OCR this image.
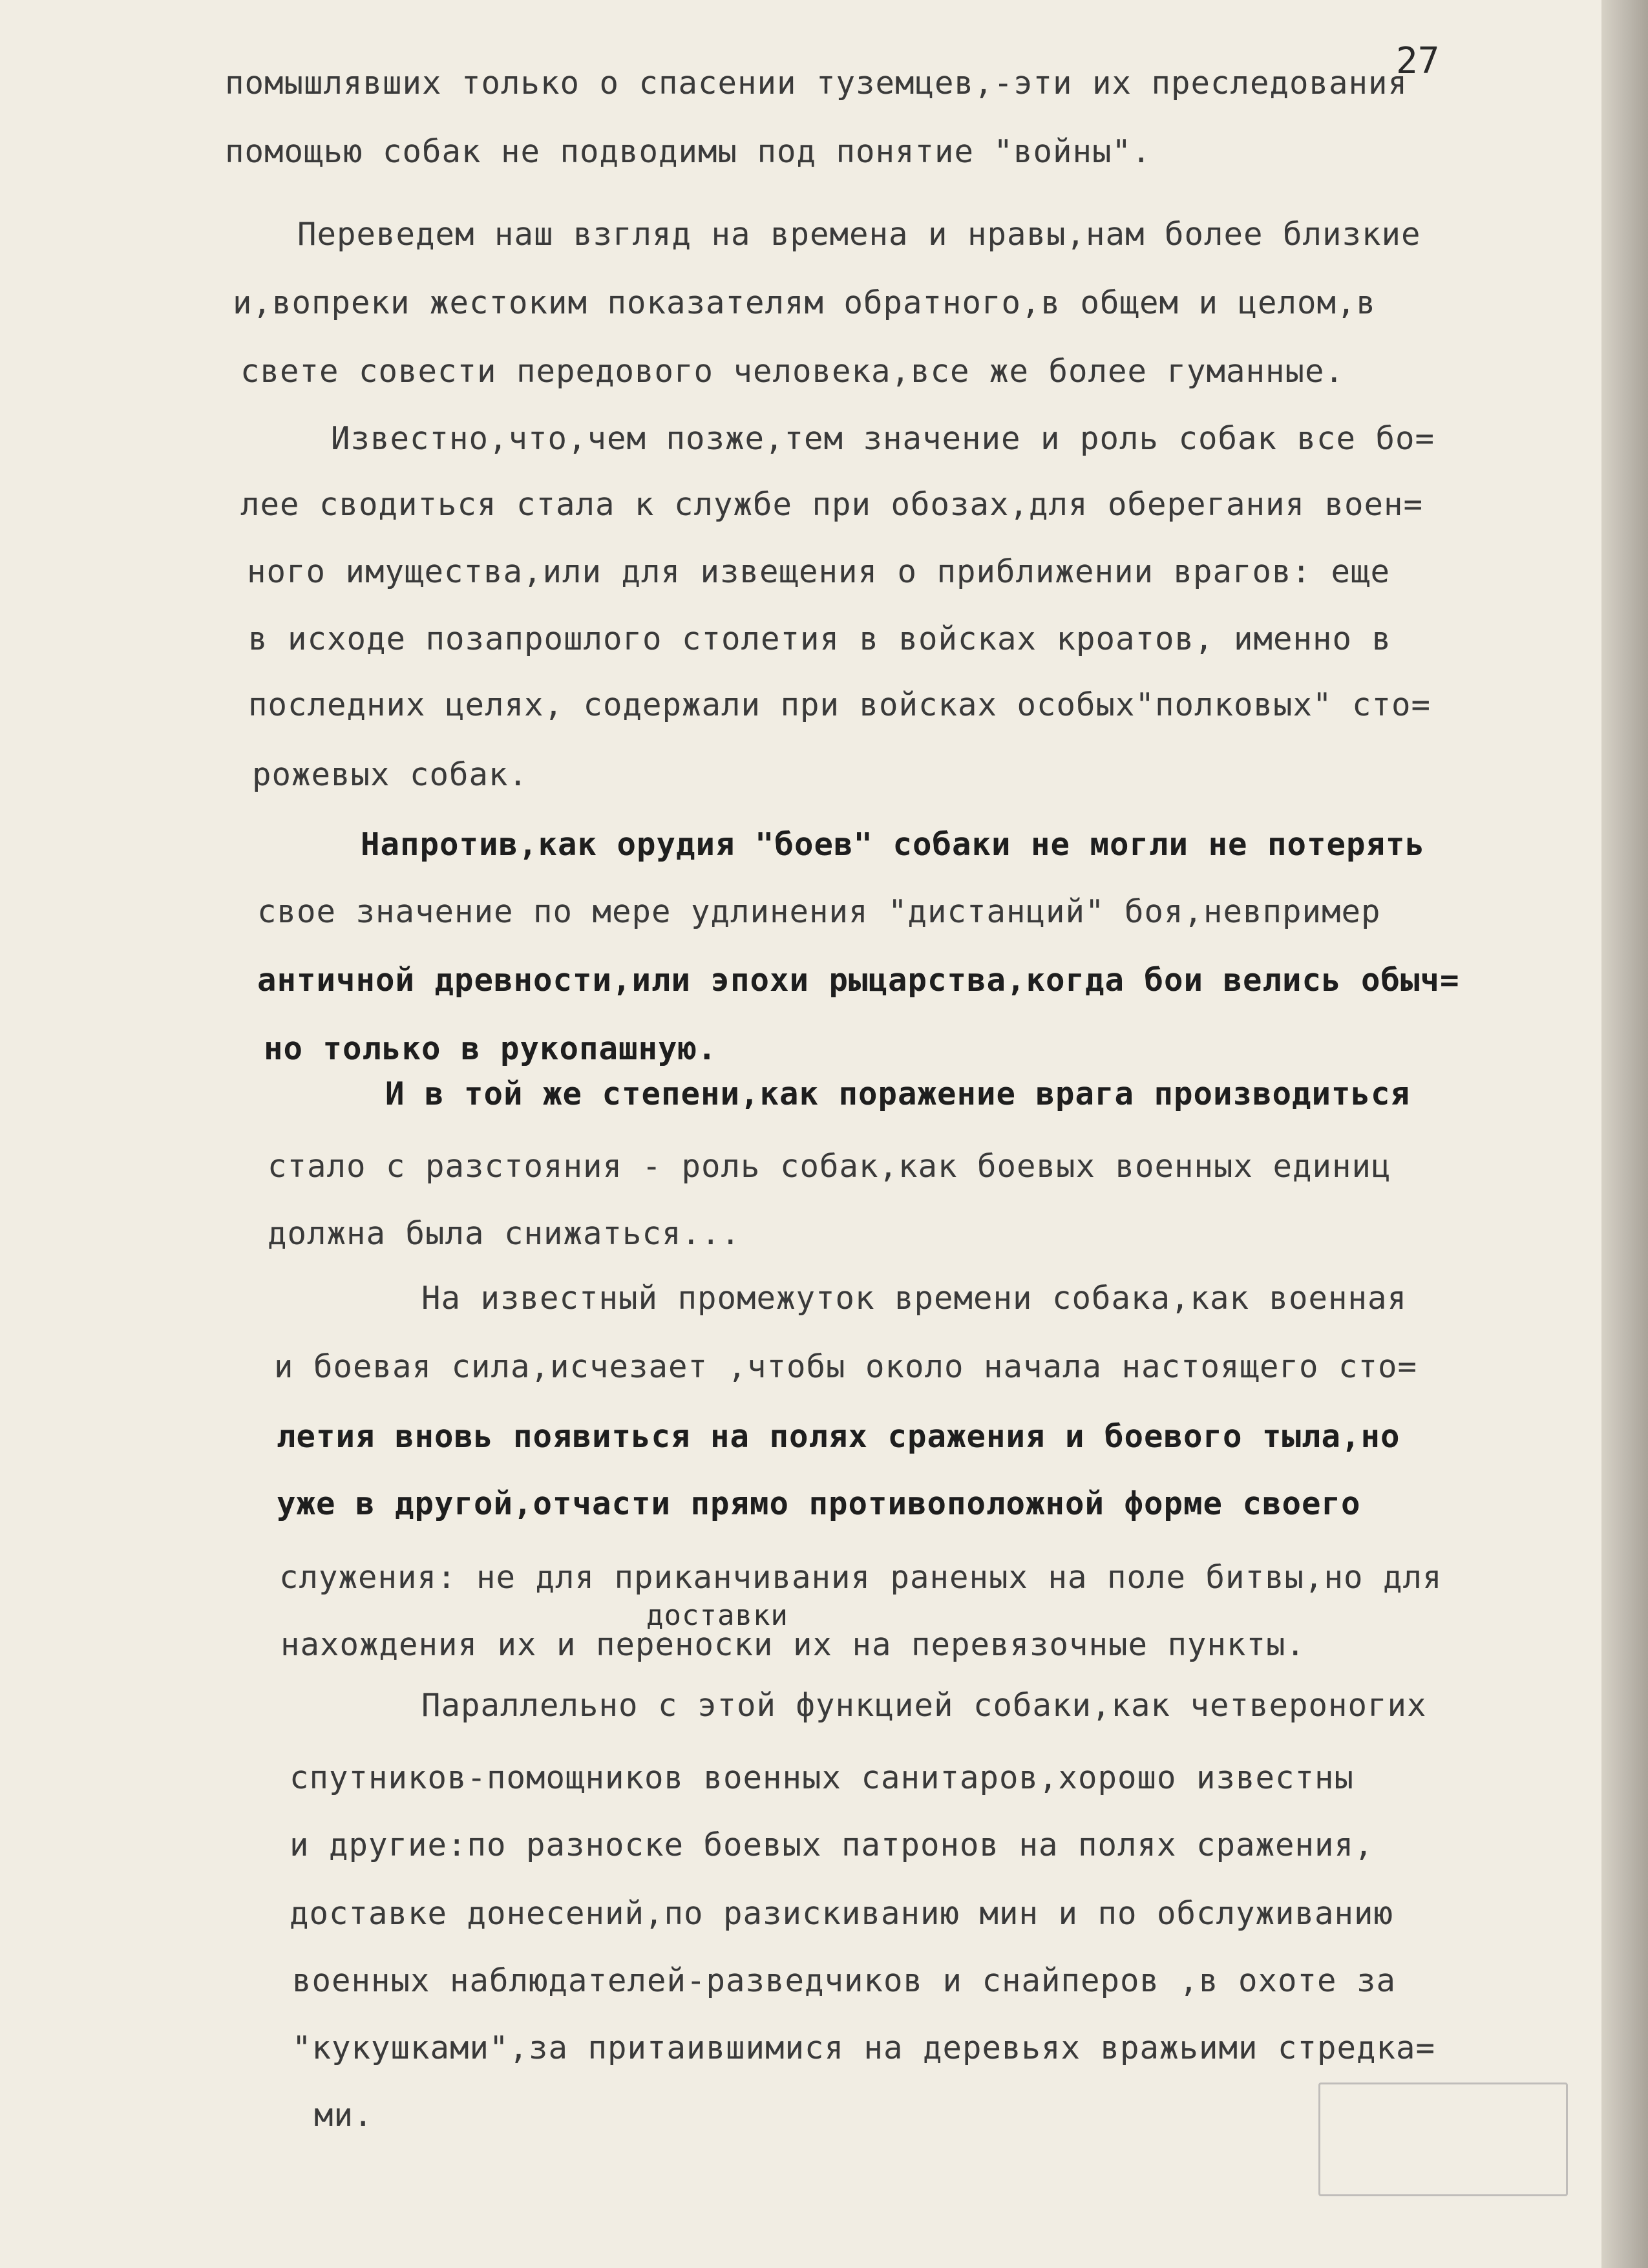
27
помышлявших только о спасении туземцев,-эти их преследования
помощью собак не подводимы под понятие "войны".
Переведем наш взгляд на времена и нравы,нам более близкие
и,вопреки жестоким показателям обратного,в общем и целом,в
свете совести передового человека,все же более гуманные.
Известно,что,чем позже,тем значение и роль собак все бо=
лее сводиться стала к службе при обозах,для оберегания воен=
ного имущества,или для извещения о приближении врагов: еще
в исходе позапрошлого столетия в войсках кроатов, именно в
последних целях, содержали при войсках особых"полковых" сто=
рожевых собак.
Напротив,как орудия "боев" собаки не могли не потерять
свое значение по мере удлинения "дистанций" боя,невпример
античной древности,или эпохи рыцарства,когда бои велись обыч=
но только в рукопашную.
И в той же степени,как поражение врага производиться
стало с разстояния - роль собак,как боевых военных единиц
должна была снижаться...
На известный промежуток времени собака,как военная
и боевая сила,исчезает ,чтобы около начала настоящего сто=
летия вновь появиться на полях сражения и боевого тыла,но
уже в другой,отчасти прямо противоположной форме своего
служения: не для приканчивания раненых на поле битвы,но для
доставки
нахождения их и переноски их на перевязочные пункты.
Параллельно с этой функцией собаки,как четвероногих
спутников-помощников военных санитаров,хорошо известны
и другие:по разноске боевых патронов на полях сражения,
доставке донесений,по разискиванию мин и по обслуживанию
военных наблюдателей-разведчиков и снайперов ,в охоте за
"кукушками",за притаившимися на деревьях вражьими стредка=
ми.
